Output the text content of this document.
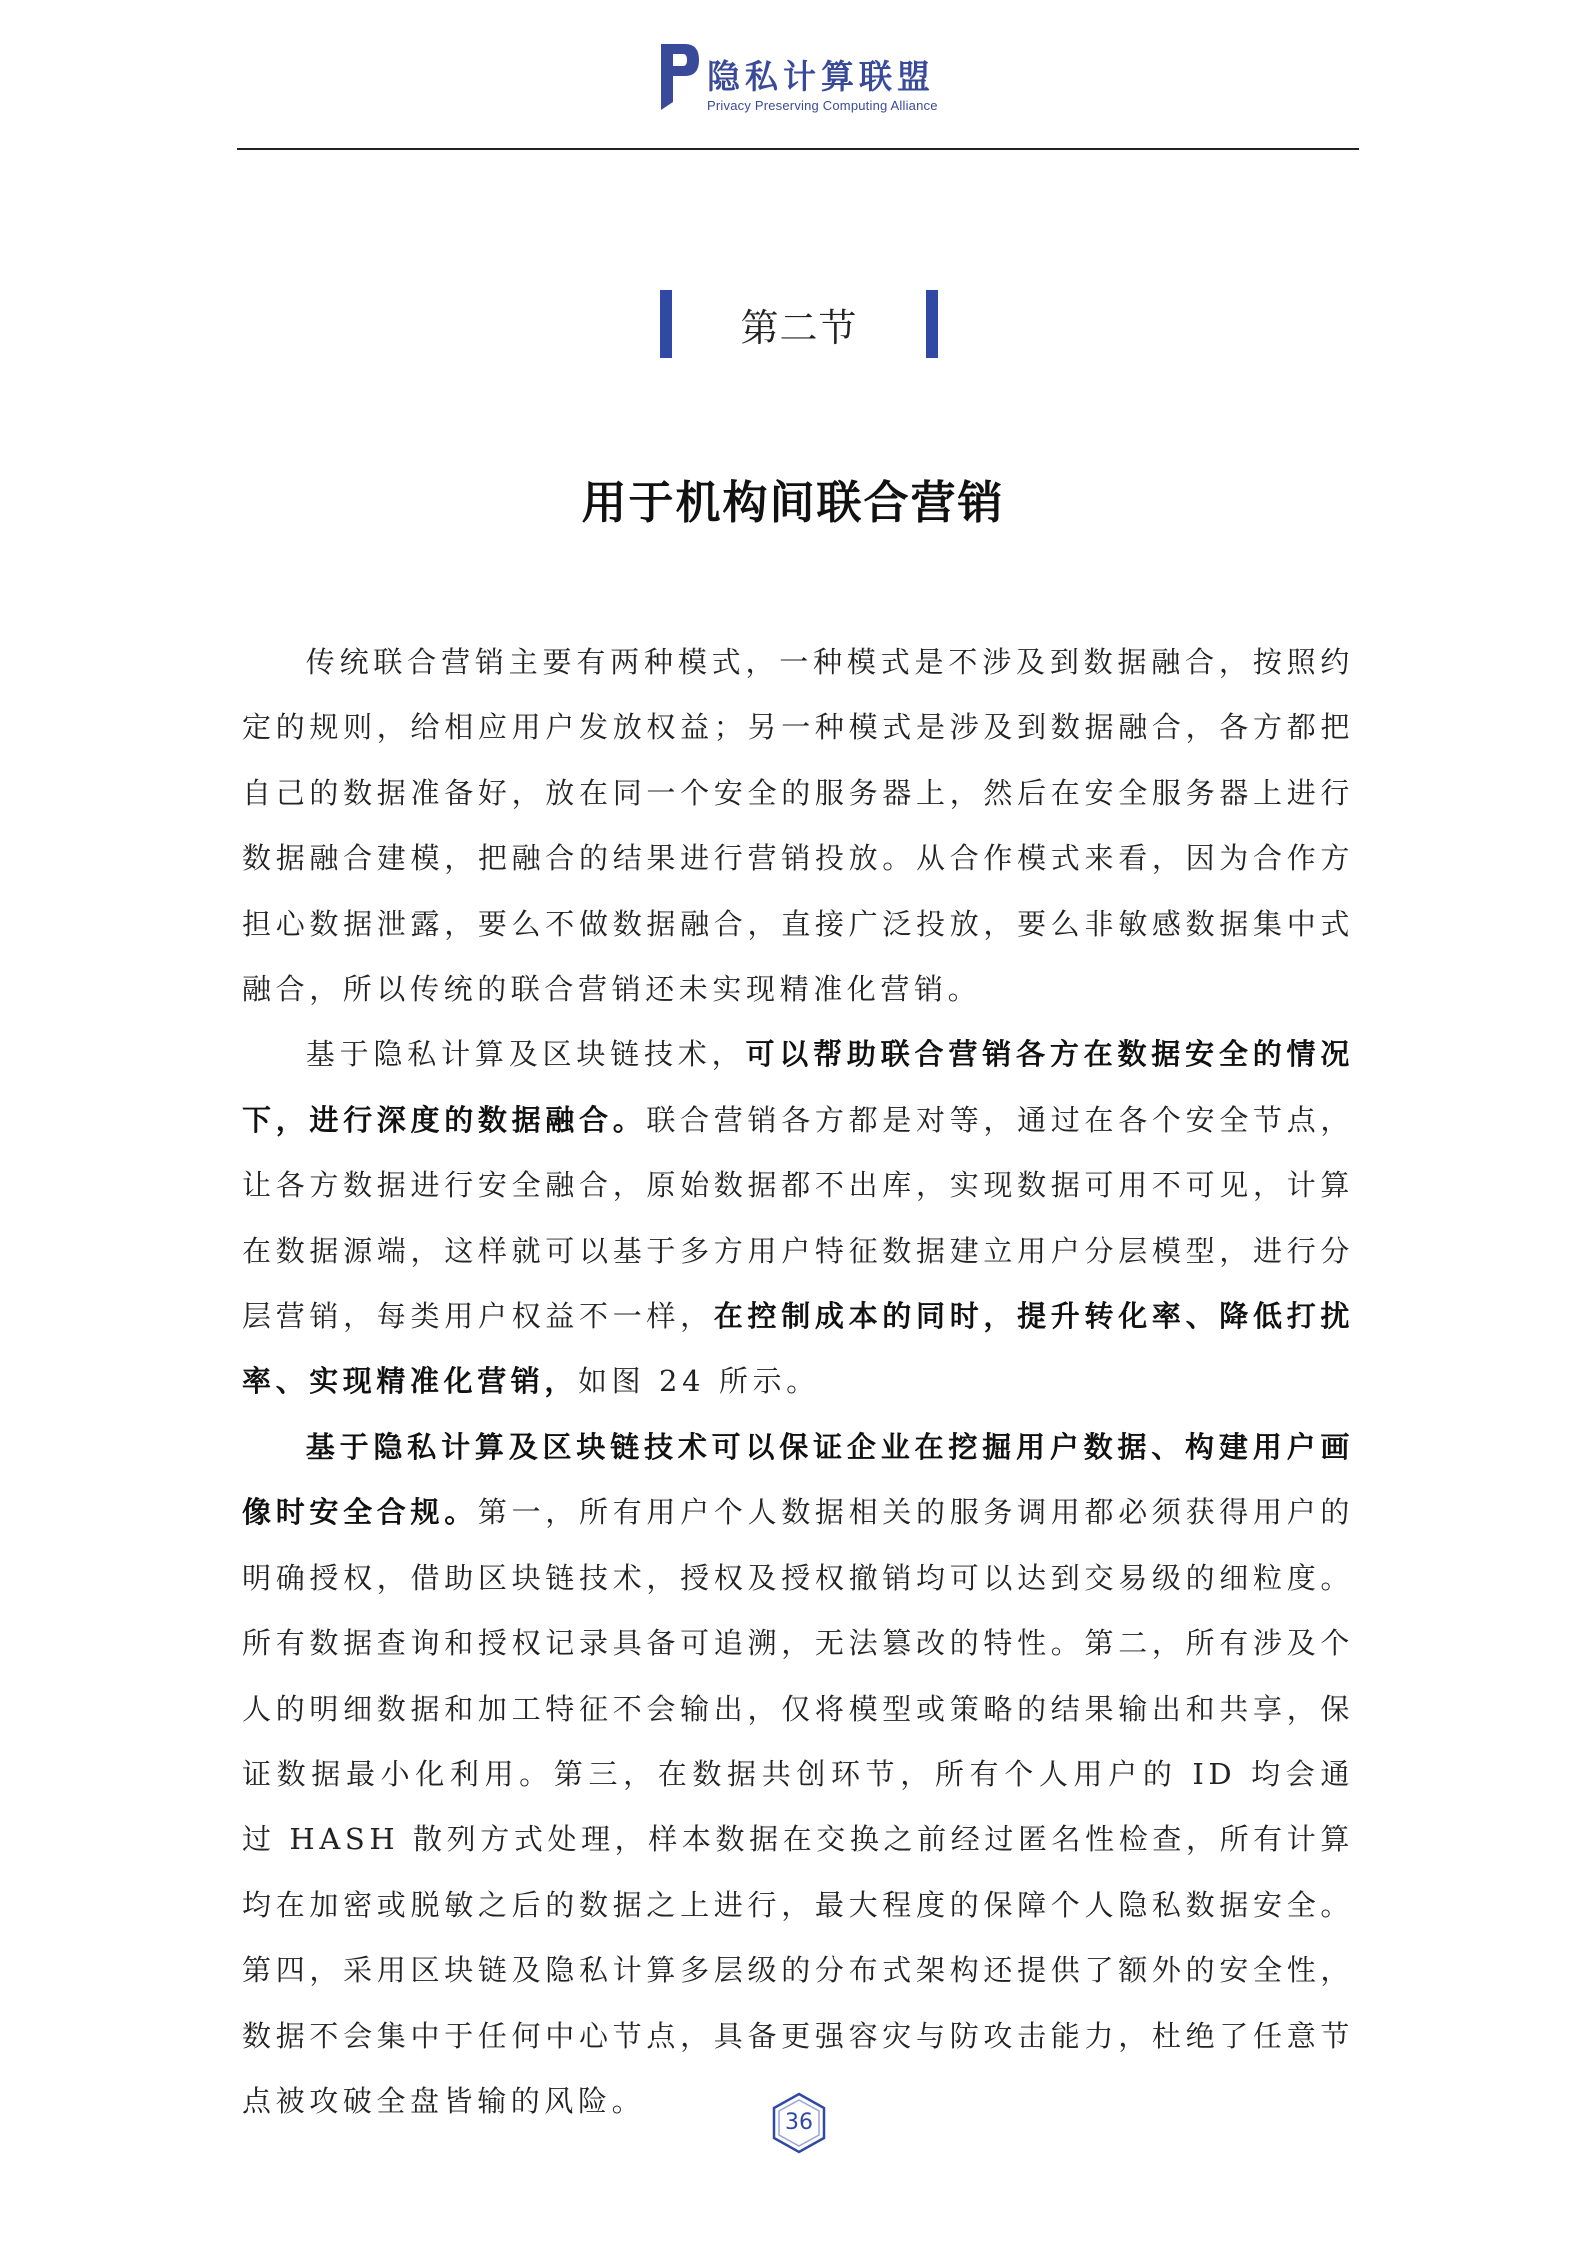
隐私计算联盟
Privacy Preserving Computing Alliance
第二节
用于机构间联合营销

传统联合营销主要有两种模式，一种模式是不涉及到数据融合，按照约定的规则，给相应用户发放权益；另一种模式是涉及到数据融合，各方都把自己的数据准备好，放在同一个安全的服务器上，然后在安全服务器上进行数据融合建模，把融合的结果进行营销投放。从合作模式来看，因为合作方担心数据泄露，要么不做数据融合，直接广泛投放，要么非敏感数据集中式融合，所以传统的联合营销还未实现精准化营销。

基于隐私计算及区块链技术，可以帮助联合营销各方在数据安全的情况下，进行深度的数据融合。联合营销各方都是对等，通过在各个安全节点，让各方数据进行安全融合，原始数据都不出库，实现数据可用不可见，计算在数据源端，这样就可以基于多方用户特征数据建立用户分层模型，进行分层营销，每类用户权益不一样，在控制成本的同时，提升转化率、降低打扰率、实现精准化营销，如图 24 所示。

基于隐私计算及区块链技术可以保证企业在挖掘用户数据、构建用户画像时安全合规。第一，所有用户个人数据相关的服务调用都必须获得用户的明确授权，借助区块链技术，授权及授权撤销均可以达到交易级的细粒度。所有数据查询和授权记录具备可追溯，无法篡改的特性。第二，所有涉及个人的明细数据和加工特征不会输出，仅将模型或策略的结果输出和共享，保证数据最小化利用。第三，在数据共创环节，所有个人用户的 ID 均会通过 HASH 散列方式处理，样本数据在交换之前经过匿名性检查，所有计算均在加密或脱敏之后的数据之上进行，最大程度的保障个人隐私数据安全。第四，采用区块链及隐私计算多层级的分布式架构还提供了额外的安全性，数据不会集中于任何中心节点，具备更强容灾与防攻击能力，杜绝了任意节点被攻破全盘皆输的风险。

36
